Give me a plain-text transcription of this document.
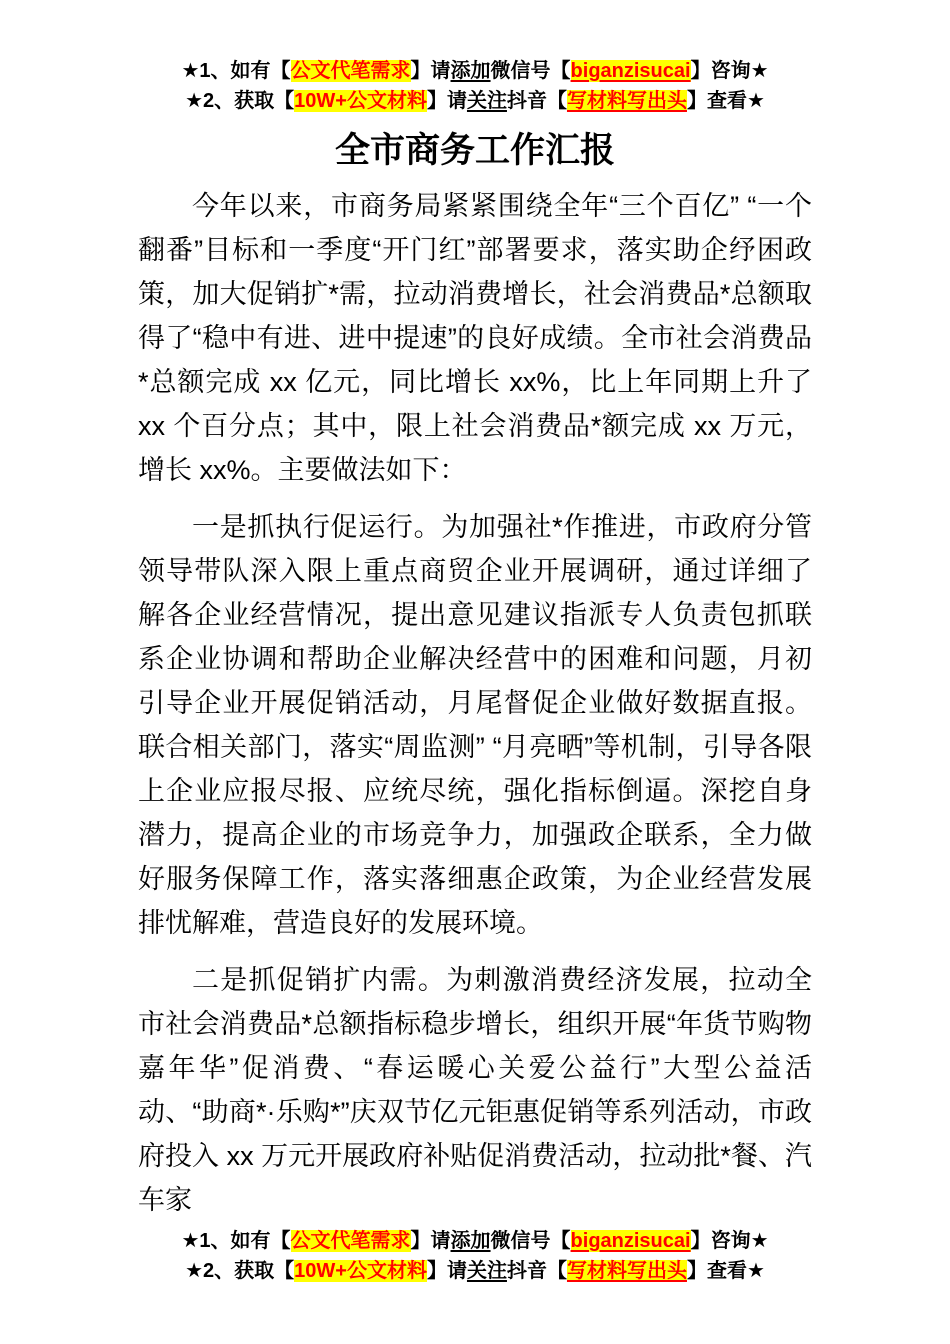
★1、如有【公文代笔需求】请添加微信号【biganzisucai】咨询★
★2、获取【10W+公文材料】请关注抖音【写材料写出头】查看★
全市商务工作汇报

今年以来，市商务局紧紧围绕全年“三个百亿” “一个翻番”目标和一季度“开门红”部署要求，落实助企纾困政策，加大促销扩*需，拉动消费增长，社会消费品*总额取得了“稳中有进、进中提速”的良好成绩。全市社会消费品*总额完成 xx 亿元，同比增长 xx%，比上年同期上升了 xx 个百分点；其中，限上社会消费品*额完成 xx 万元，增长 xx%。主要做法如下：

一是抓执行促运行。为加强社*作推进，市政府分管领导带队深入限上重点商贸企业开展调研，通过详细了解各企业经营情况，提出意见建议指派专人负责包抓联系企业协调和帮助企业解决经营中的困难和问题，月初引导企业开展促销活动，月尾督促企业做好数据直报。联合相关部门，落实“周监测” “月亮晒”等机制，引导各限上企业应报尽报、应统尽统，强化指标倒逼。深挖自身潜力，提高企业的市场竞争力，加强政企联系，全力做好服务保障工作，落实落细惠企政策，为企业经营发展排忧解难，营造良好的发展环境。

二是抓促销扩内需。为刺激消费经济发展，拉动全市社会消费品*总额指标稳步增长，组织开展“年货节购物嘉年华”促消费、“春运暖心关爱公益行”大型公益活动、“助商*·乐购*”庆双节亿元钜惠促销等系列活动，市政府投入 xx 万元开展政府补贴促消费活动，拉动批*餐、汽车家

★1、如有【公文代笔需求】请添加微信号【biganzisucai】咨询★
★2、获取【10W+公文材料】请关注抖音【写材料写出头】查看★
